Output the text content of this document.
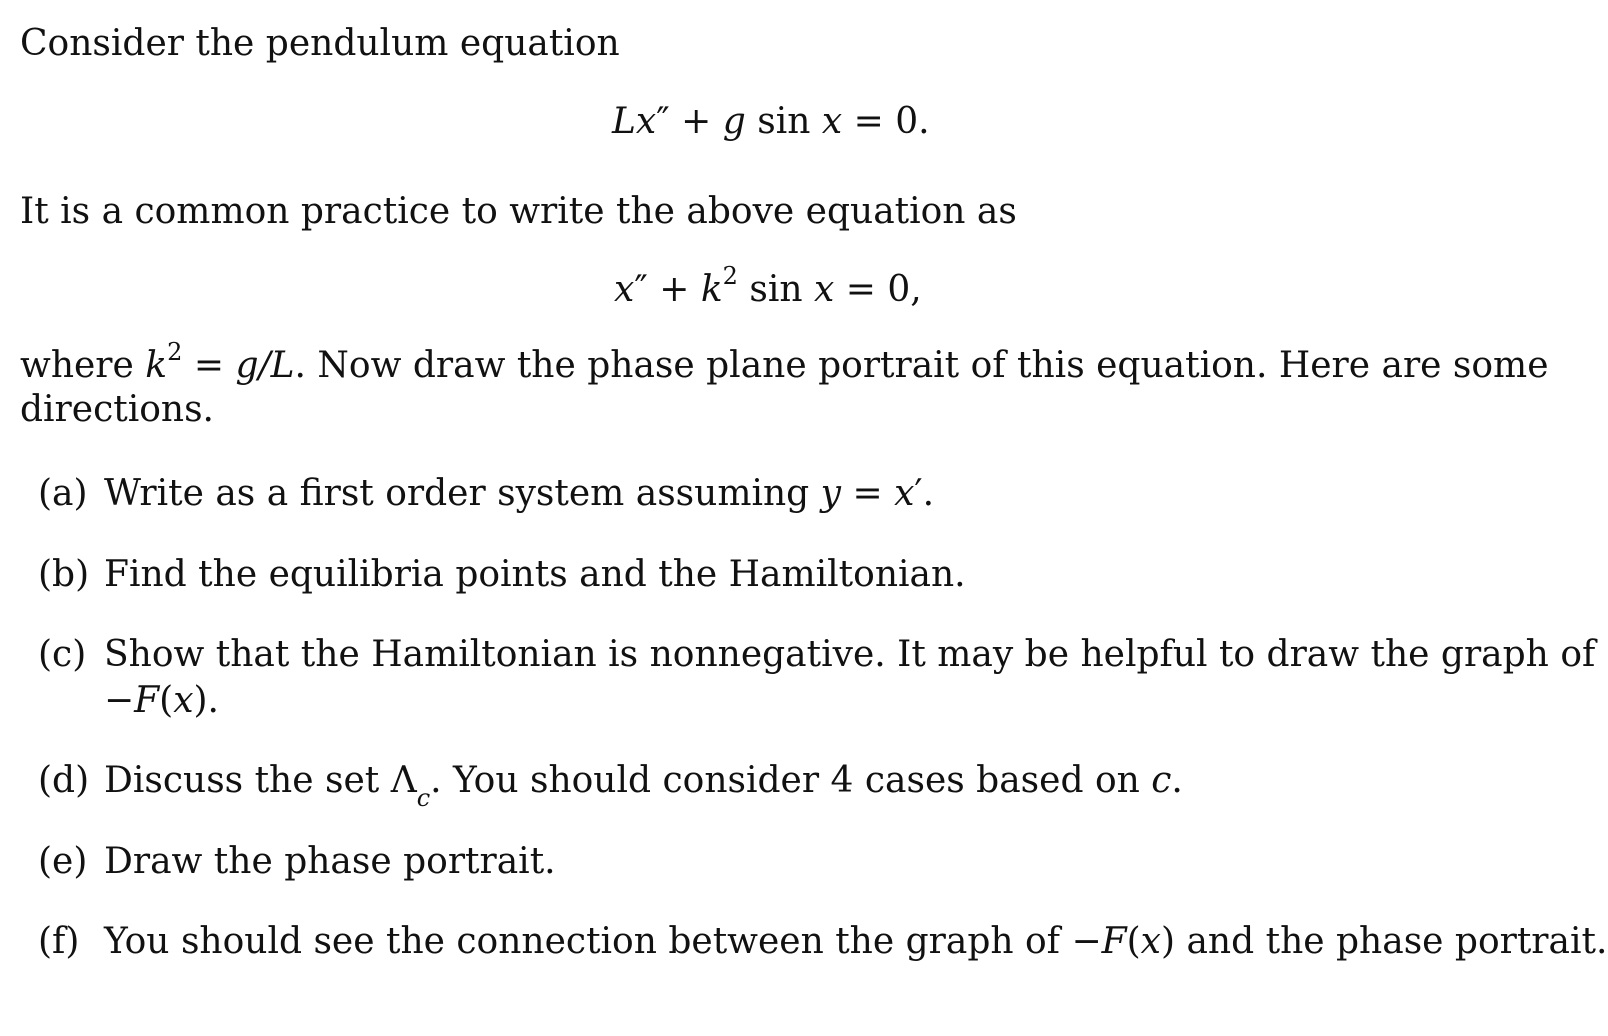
Consider the pendulum equation
Lx″ + g sin x = 0.
It is a common practice to write the above equation as
$x'' + k^2$ sin x = 0,
where $k^2 = g/L$. Now draw the phase plane portrait of this equation. Here are some
directions.
(a) Write as a first order system assuming y = x′.
(b) Find the equilibria points and the Hamiltonian.
(c) Show that the Hamiltonian is nonnegative. It may be helpful to draw the graph of
−F(x).
(d) Discuss the set $\Lambda_c$. You should consider 4 cases based on c.
(e) Draw the phase portrait.
(f) You should see the connection between the graph of −F(x) and the phase portrait.
